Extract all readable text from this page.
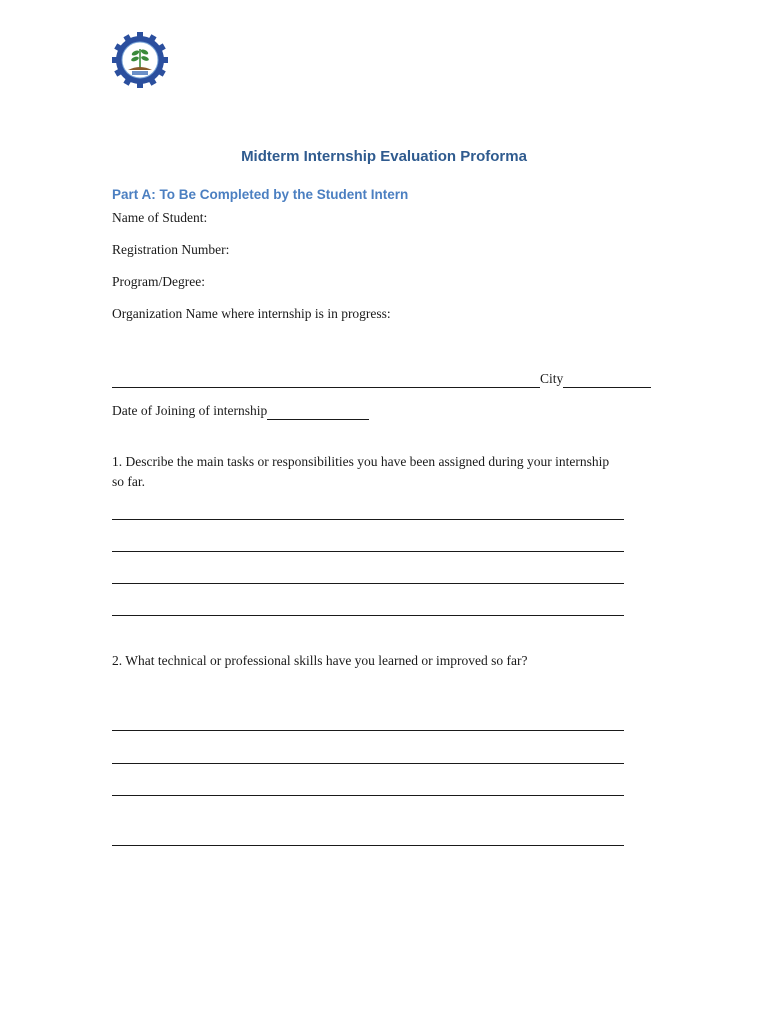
Midterm Internship Evaluation Proforma
Part A: To Be Completed by the Student Intern
Name of Student:
Registration Number:
Program/Degree:
Organization Name where internship is in progress:
City
Date of Joining of internship
1. Describe the main tasks or responsibilities you have been assigned during your internship so far.
2. What technical or professional skills have you learned or improved so far?
